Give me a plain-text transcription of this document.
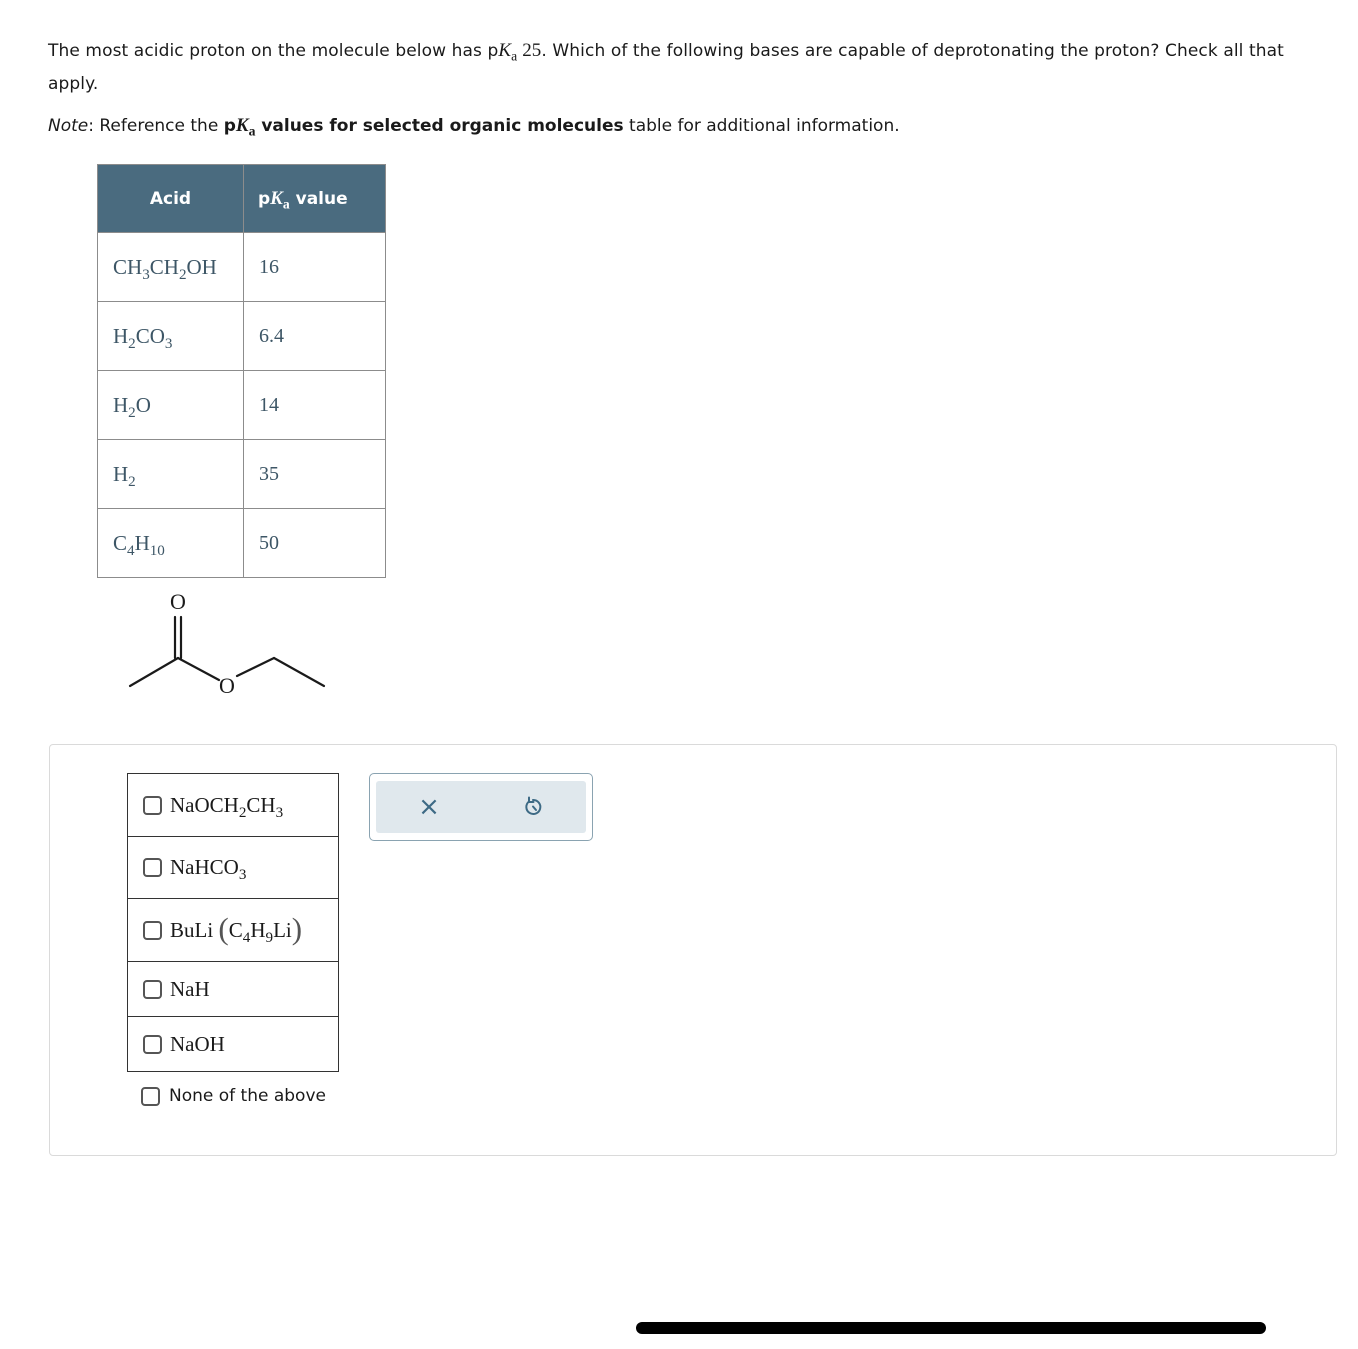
The most acidic proton on the molecule below has $pK_a$ 25. Which of the following bases are capable of deprotonating the proton? Check all that apply.
Note: Reference the $pK_a$ values for selected organic molecules table for additional information.
Acid	$pK_a$ value
$CH_3CH_2OH$	16
$H_2CO_3$	6.4
$H_2O$	14
$H_2$	35
$C_4H_{10}$	50
O
O
$NaOCH_2CH_3$
NaHCO$_3$
BuLi $(C_4H_9Li)$
NaH
NaOH
None of the above
×
